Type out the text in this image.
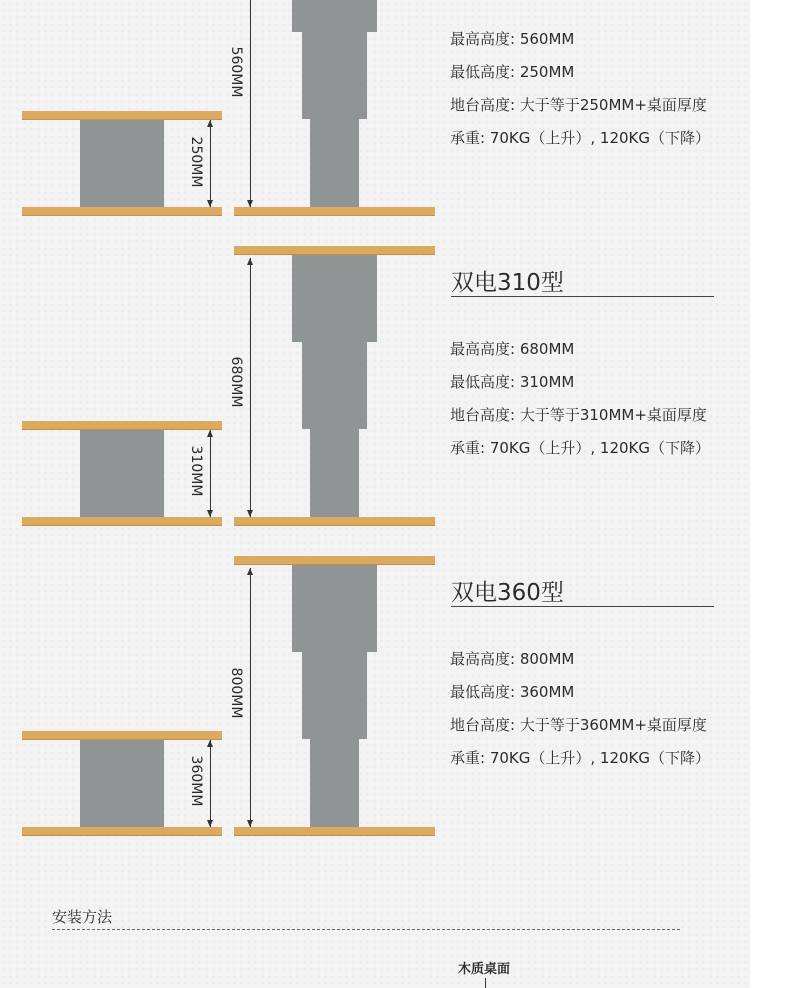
250MM
560MM
最高高度: 560MM
最低高度: 250MM
地台高度: 大于等于250MM+桌面厚度
承重: 70KG（上升）, 120KG（下降）
310MM
680MM
双电310型
最高高度: 680MM
最低高度: 310MM
地台高度: 大于等于310MM+桌面厚度
承重: 70KG（上升）, 120KG（下降）
360MM
800MM
双电360型
最高高度: 800MM
最低高度: 360MM
地台高度: 大于等于360MM+桌面厚度
承重: 70KG（上升）, 120KG（下降）
安装方法
木质桌面
